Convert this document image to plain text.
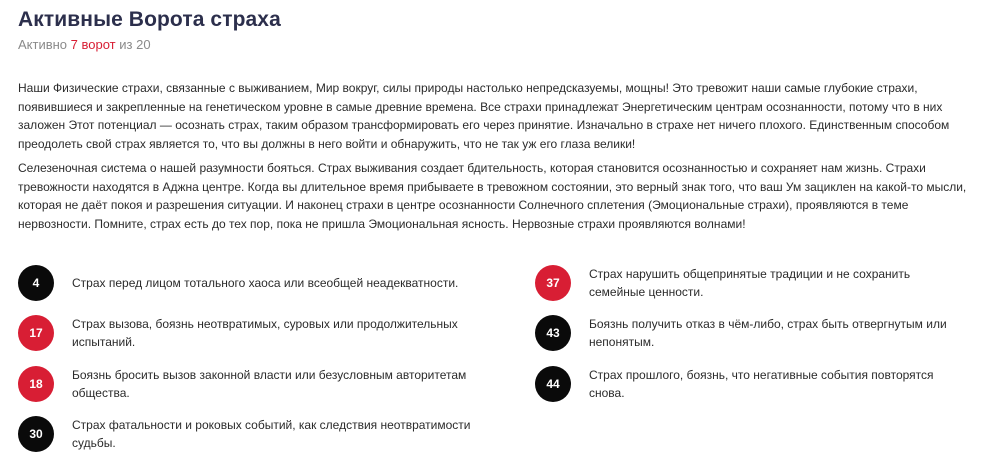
Активные Ворота страха
Активно 7 ворот из 20

Наши Физические страхи, связанные с выживанием, Мир вокруг, силы природы настолько непредсказуемы, мощны! Это тревожит наши самые глубокие страхи, появившиеся и закрепленные на генетическом уровне в самые древние времена. Все страхи принадлежат Энергетическим центрам осознанности, потому что в них заложен Этот потенциал — осознать страх, таким образом трансформировать его через принятие. Изначально в страхе нет ничего плохого. Единственным способом преодолеть свой страх является то, что вы должны в него войти и обнаружить, что не так уж его глаза велики!

Селезеночная система о нашей разумности бояться. Страх выживания создает бдительность, которая становится осознанностью и сохраняет нам жизнь. Страхи тревожности находятся в Аджна центре. Когда вы длительное время прибываете в тревожном состоянии, это верный знак того, что ваш Ум зациклен на какой-то мысли, которая не даёт покоя и разрешения ситуации. И наконец страхи в центре осознанности Солнечного сплетения (Эмоциональные страхи), проявляются в теме нервозности. Помните, страх есть до тех пор, пока не пришла Эмоциональная ясность. Нервозные страхи проявляются волнами!

4	Страх перед лицом тотального хаоса или всеобщей неадекватности.
17
Страх вызова, боязнь неотвратимых, суровых или продолжительных испытаний.
18
Боязнь бросить вызов законной власти или безусловным авторитетам общества.
30
Страх фатальности и роковых событий, как следствия неотвратимости судьбы.
37
Страх нарушить общепринятые традиции и не сохранить семейные ценности.
43
Боязнь получить отказ в чём-либо, страх быть отвергнутым или непонятым.
44
Страх прошлого, боязнь, что негативные события повторятся снова.
